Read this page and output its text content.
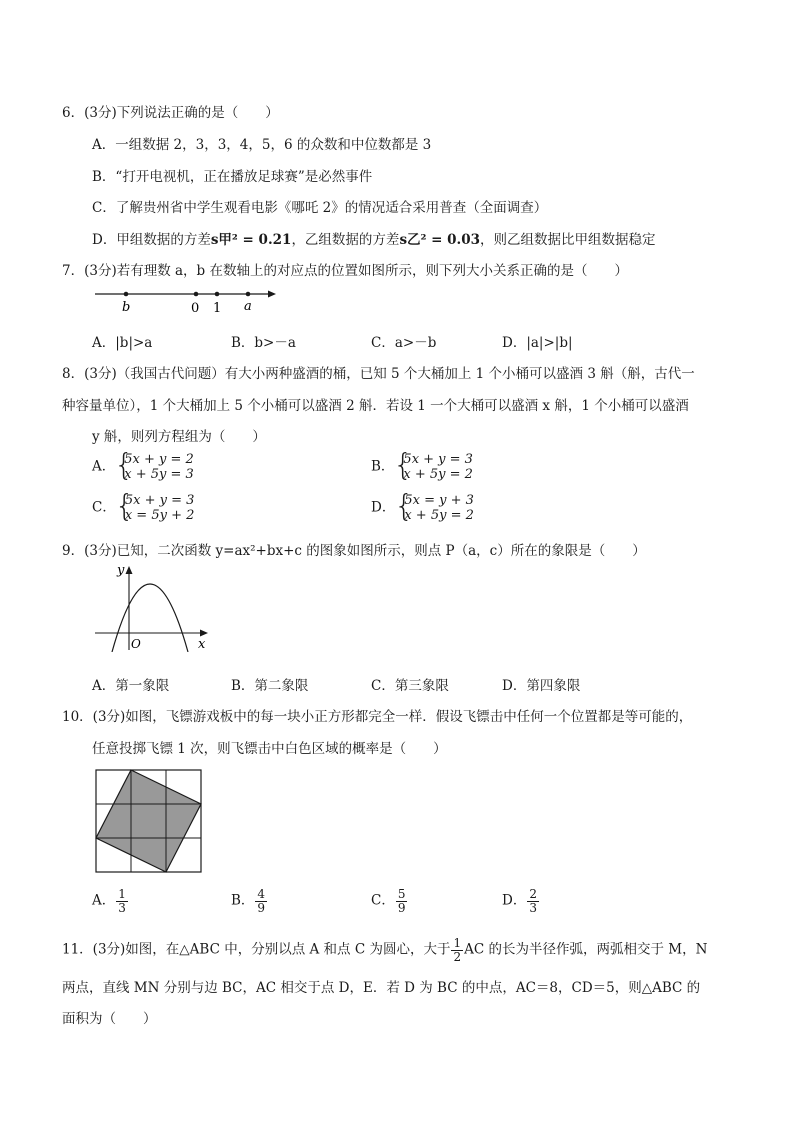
6．(3分)下列说法正确的是（　　）
A．一组数据 2，3，3，4，5，6 的众数和中位数都是 3
B．“打开电视机，正在播放足球赛”是必然事件
C．了解贵州省中学生观看电影《哪吒 2》的情况适合采用普查（全面调查）
D．甲组数据的方差s甲² = 0.21，乙组数据的方差s乙² = 0.03，则乙组数据比甲组数据稳定
7．(3分)若有理数 a，b 在数轴上的对应点的位置如图所示，则下列大小关系正确的是（　　）
b	0 1 a
A．|b|>a	B．b>－a	C．a>－b	D．|a|>|b|
8．(3分)（我国古代问题）有大小两种盛酒的桶，已知 5 个大桶加上 1 个小桶可以盛酒 3 斛（斛，古代一
种容量单位），1 个大桶加上 5 个小桶可以盛酒 2 斛．若设 1 一个大桶可以盛酒 x 斛，1 个小桶可以盛酒
y 斛，则列方程组为（　　）
A． { 5x + y = 2
x + 5y = 3	B． { 5x + y = 3
x + 5y = 2
C． { 5x + y = 3
x = 5y + 2	D． { 5x = y + 3
x + 5y = 2
9．(3分)已知，二次函数 y=ax²+bx+c 的图象如图所示，则点 P（a，c）所在的象限是（　　）
y
x
O
A．第一象限	B．第二象限	C．第三象限	D．第四象限
10．(3分)如图，飞镖游戏板中的每一块小正方形都完全一样．假设飞镖击中任何一个位置都是等可能的，
任意投掷飞镖 1 次，则飞镖击中白色区域的概率是（　　）
A． $\frac{1}{3}$	B． $\frac{4}{9}$	C． $\frac{5}{9}$	D． $\frac{2}{3}$
11．(3分)如图，在△ABC 中，分别以点 A 和点 C 为圆心，大于 $\frac{1}{2}$ AC 的长为半径作弧，两弧相交于 M，N
两点，直线 MN 分别与边 BC，AC 相交于点 D，E．若 D 为 BC 的中点，AC＝8，CD＝5，则△ABC 的
面积为（　　）
